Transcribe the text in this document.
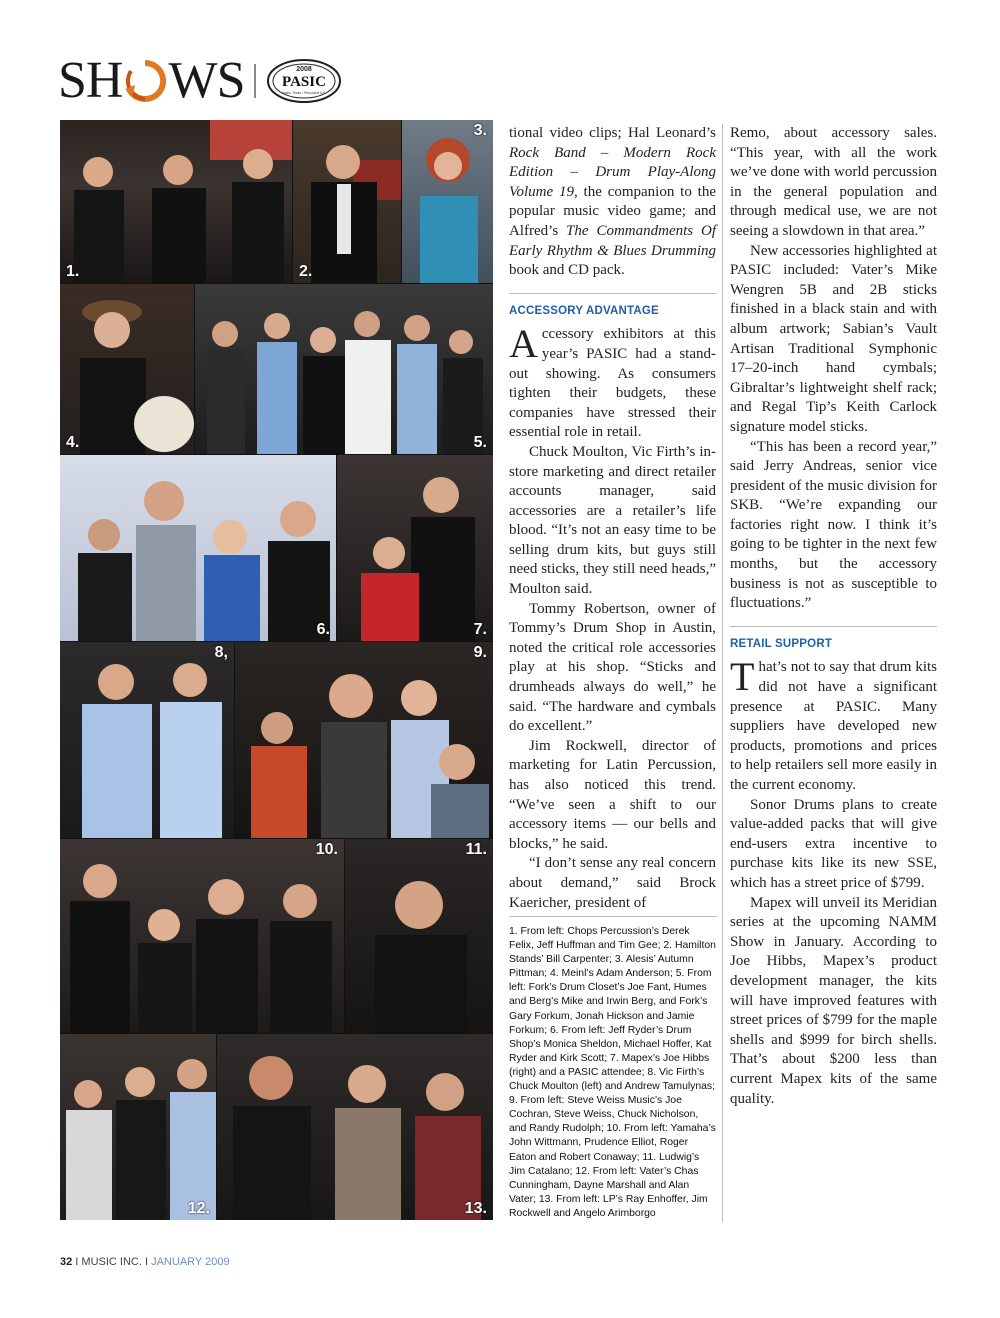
SH WS	2008
PASIC
Austin, Texas • Percussive A.S.
1.	2.
3.
4.	5.
6.	7.
8,	9.
10.	11.
12.	13.

tional video clips; Hal Leonard’s Rock Band – Modern Rock Edition – Drum Play-Along Volume 19, the companion to the popular music video game; and Alfred’s The Commandments Of Early Rhythm & Blues Drumming book and CD pack.

ACCESSORY ADVANTAGE

Accessory exhibitors at this year’s PASIC had a stand-out showing. As consumers tighten their budgets, these companies have stressed their essential role in retail.

Chuck Moulton, Vic Firth’s in-store marketing and direct retailer accounts manager, said accessories are a retailer’s life blood. “It’s not an easy time to be selling drum kits, but guys still need sticks, they still need heads,” Moulton said.

Tommy Robertson, owner of Tommy’s Drum Shop in Austin, noted the critical role accessories play at his shop. “Sticks and drumheads always do well,” he said. “The hardware and cymbals do excellent.”

Jim Rockwell, director of marketing for Latin Percussion, has also noticed this trend. “We’ve seen a shift to our accessory items — our bells and blocks,” he said.

“I don’t sense any real concern about demand,” said Brock Kaericher, president of

1. From left: Chops Percussion’s Derek Felix, Jeff Huffman and Tim Gee; 2. Hamilton Stands’ Bill Carpenter; 3. Alesis’ Autumn Pittman; 4. Meinl’s Adam Anderson; 5. From left: Fork’s Drum Closet’s Joe Fant, Humes and Berg’s Mike and Irwin Berg, and Fork’s Gary Forkum, Jonah Hickson and Jamie Forkum; 6. From left: Jeff Ryder’s Drum Shop’s Monica Sheldon, Michael Hoffer, Kat Ryder and Kirk Scott; 7. Mapex’s Joe Hibbs (right) and a PASIC attendee; 8. Vic Firth’s Chuck Moulton (left) and Andrew Tamulynas; 9. From left: Steve Weiss Music’s Joe Cochran, Steve Weiss, Chuck Nicholson, and Randy Rudolph; 10. From left: Yamaha’s John Wittmann, Prudence Elliot, Roger Eaton and Robert Conaway; 11. Ludwig’s Jim Catalano; 12. From left: Vater’s Chas Cunningham, Dayne Marshall and Alan Vater; 13. From left: LP’s Ray Enhoffer, Jim Rockwell and Angelo Arimborgo

Remo, about accessory sales. “This year, with all the work we’ve done with world percussion in the general population and through medical use, we are not seeing a slowdown in that area.”

New accessories highlighted at PASIC included: Vater’s Mike Wengren 5B and 2B sticks finished in a black stain and with album artwork; Sabian’s Vault Artisan Traditional Symphonic 17–20-inch hand cymbals; Gibraltar’s lightweight shelf rack; and Regal Tip’s Keith Carlock signature model sticks.

“This has been a record year,” said Jerry Andreas, senior vice president of the music division for SKB. “We’re expanding our factories right now. I think it’s going to be tighter in the next few months, but the accessory business is not as susceptible to fluctuations.”

RETAIL SUPPORT

That’s not to say that drum kits did not have a significant presence at PASIC. Many suppliers have developed new products, promotions and prices to help retailers sell more easily in the current economy.

Sonor Drums plans to create value-added packs that will give end-users extra incentive to purchase kits like its new SSE, which has a street price of $799.

Mapex will unveil its Meridian series at the upcoming NAMM Show in January. According to Joe Hibbs, Mapex’s product development manager, the kits will have improved features with street prices of $799 for the maple shells and $999 for birch shells. That’s about $200 less than current Mapex kits of the same quality.

32 I MUSIC INC. I JANUARY 2009
